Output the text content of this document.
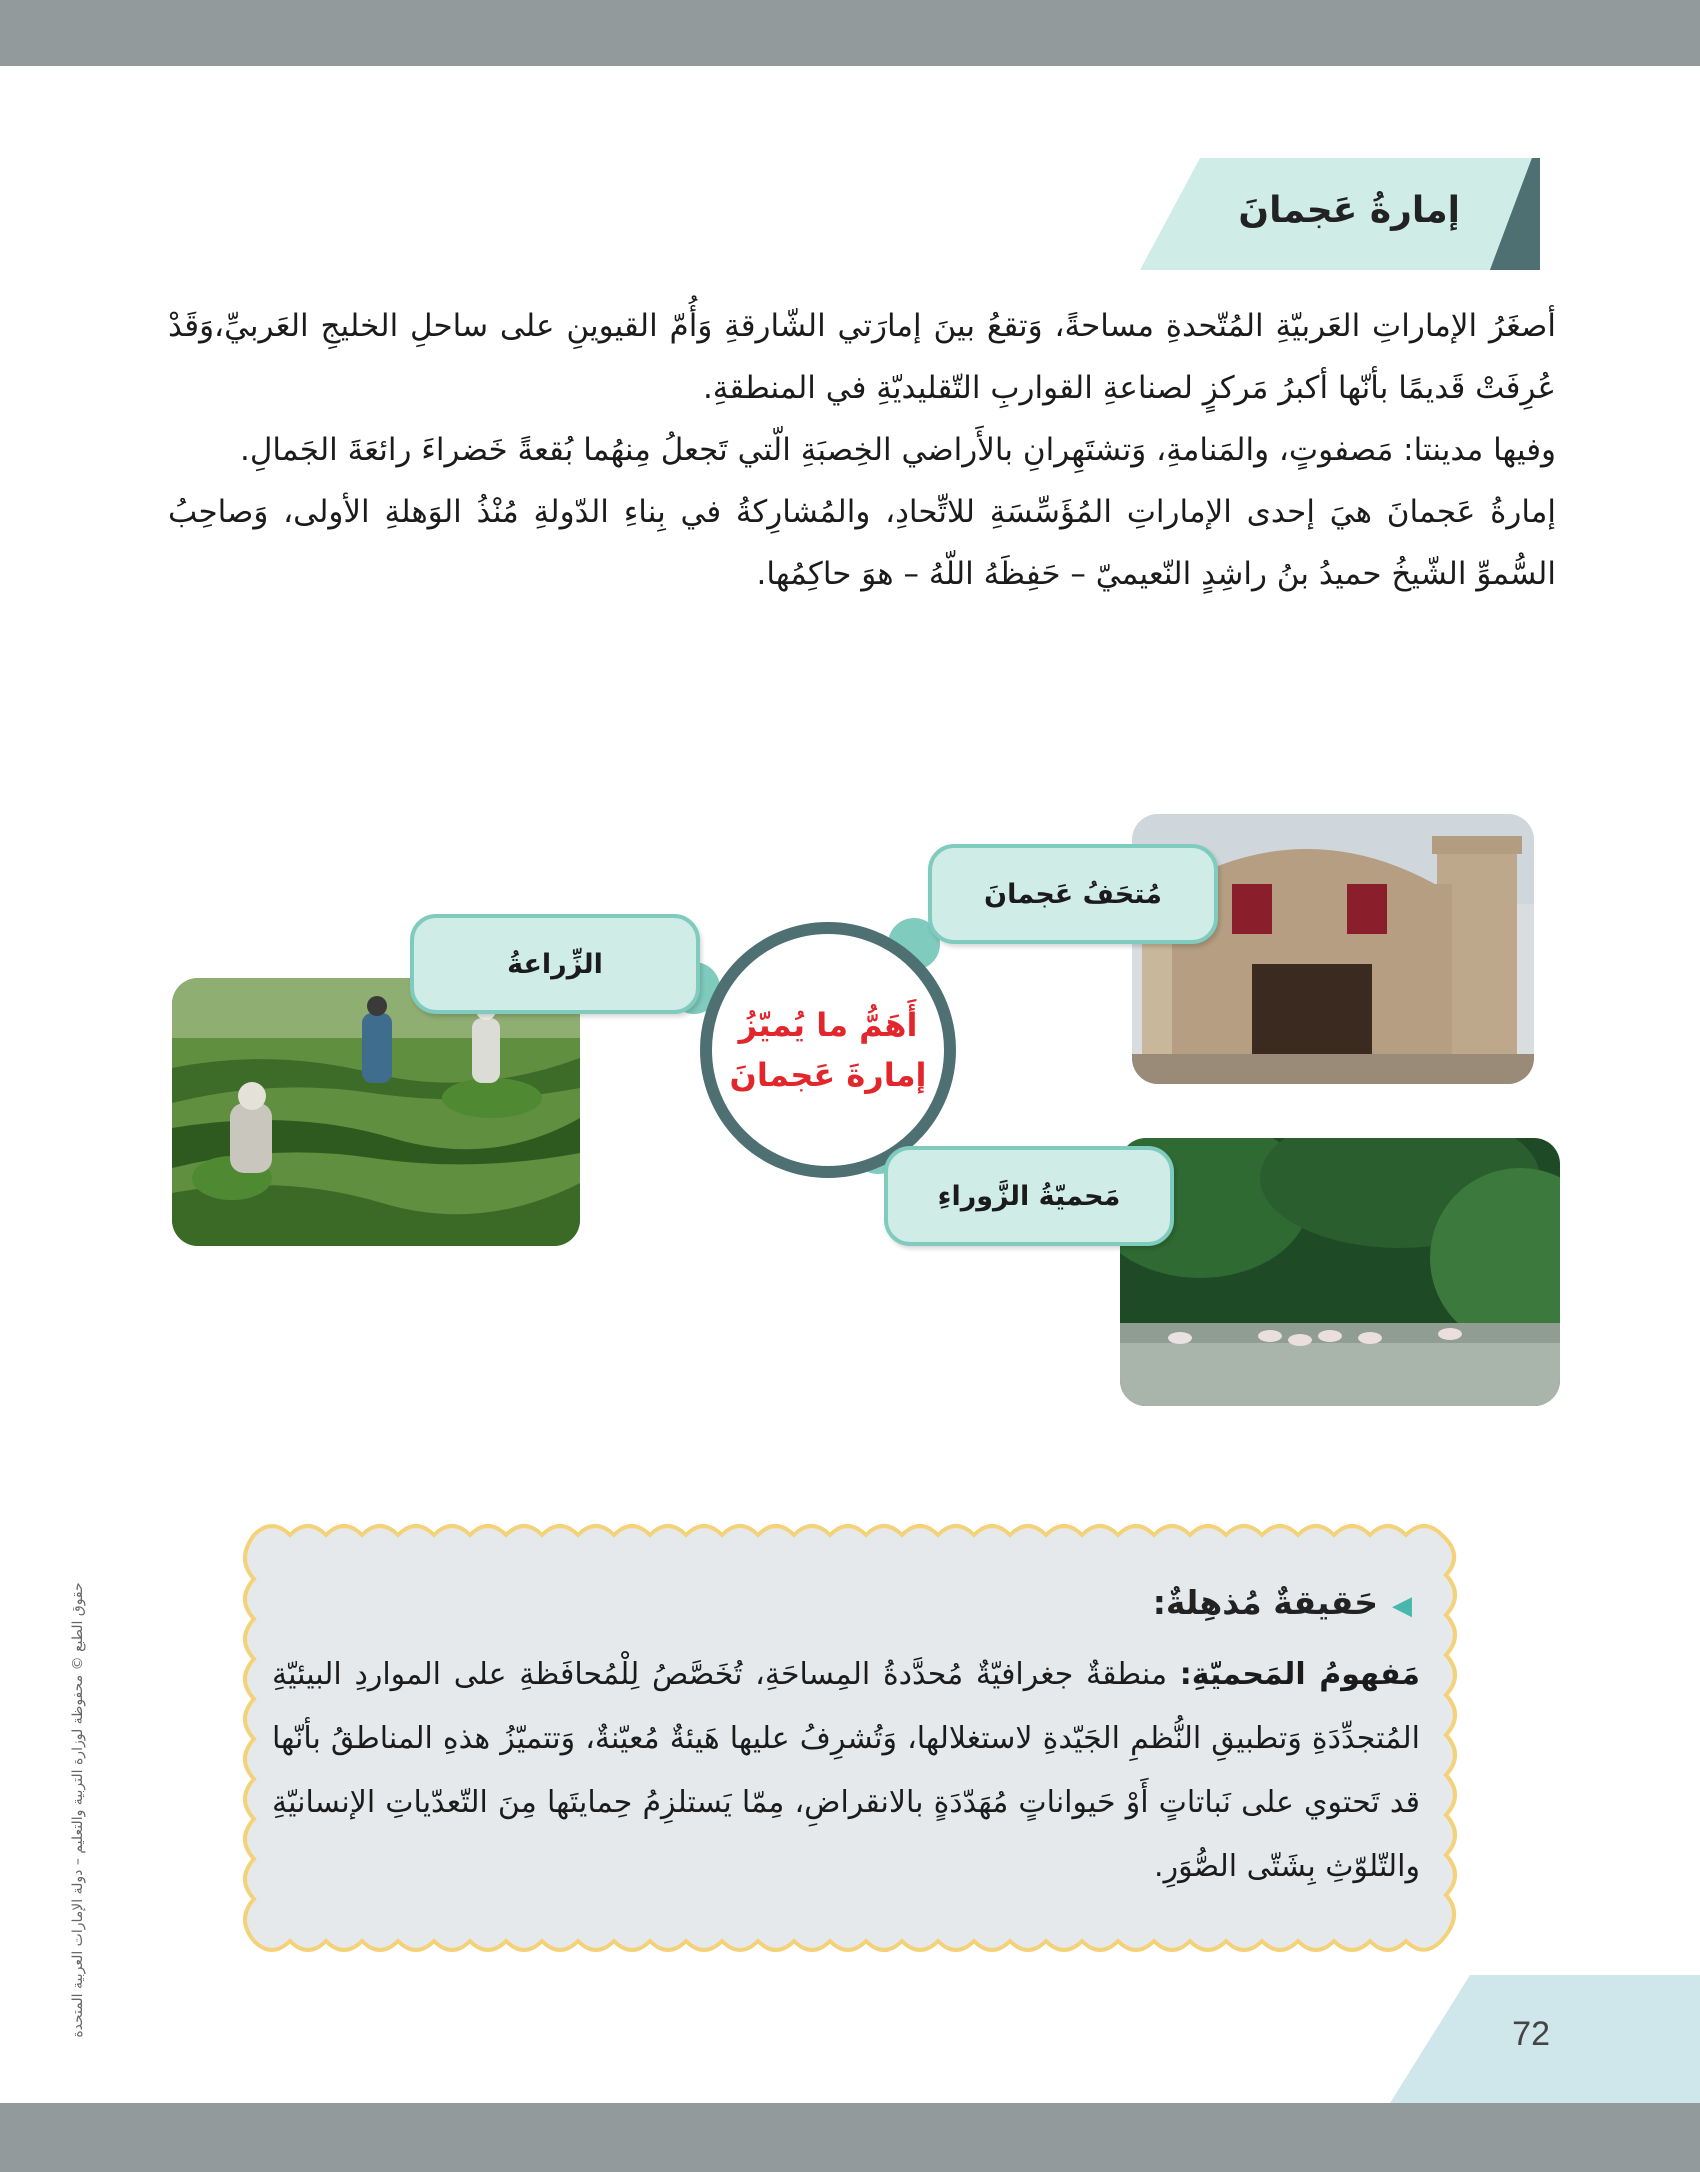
إمارةُ عَجمانَ

أصغَرُ الإماراتِ العَربيّةِ المُتّحدةِ مساحةً، وَتقعُ بينَ إمارَتي الشّارقةِ وَأُمّ القيوينِ على ساحلِ الخليجِ العَربيِّ،وَقَدْ عُرِفَتْ قَديمًا بأنّها أكبرُ مَركزٍ لصناعةِ القواربِ التّقليديّةِ في المنطقةِ.

وفيها مدينتا: مَصفوتٍ، والمَنامةِ، وَتشتَهِرانِ بالأَراضي الخِصبَةِ الّتي تَجعلُ مِنهُما بُقعةً خَضراءَ رائعَةَ الجَمالِ.

إمارةُ عَجمانَ هيَ إحدى الإماراتِ المُؤَسِّسَةِ للاتِّحادِ، والمُشارِكةُ في بِناءِ الدّولةِ مُنْذُ الوَهلةِ الأولى، وَصاحِبُ السُّموِّ الشّيخُ حميدُ بنُ راشِدٍ النّعيميّ – حَفِظَهُ اللّهُ – هوَ حاكِمُها.

أَهَمُّ ما يُميّزُ
إمارةَ عَجمانَ
الزِّراعةُ
مُتحَفُ عَجمانَ
مَحميّةُ الزَّوراءِ
◀حَقيقةٌ مُذهِلةٌ:
مَفهومُ المَحميّةِ: منطقةٌ جغرافيّةٌ مُحدَّدةُ المِساحَةِ، تُخَصَّصُ لِلْمُحافَظةِ على المواردِ البيئيّةِ المُتجدِّدَةِ وَتطبيقِ النُّظمِ الجَيّدةِ لاستغلالها، وَتُشرِفُ عليها هَيئةٌ مُعيّنةٌ، وَتتميّزُ هذهِ المناطقُ بأنّها قد تَحتوي على نَباتاتٍ أَوْ حَيواناتٍ مُهَدّدَةٍ بالانقراضِ، مِمّا يَستلزِمُ حِمايتَها مِنَ التّعدّياتِ الإنسانيّةِ والتّلوّثِ بِشَتّى الصُّوَرِ.
حقوق الطبع © محفوظة لوزارة التربية والتعليم – دولة الإمارات العربية المتحدة	72
